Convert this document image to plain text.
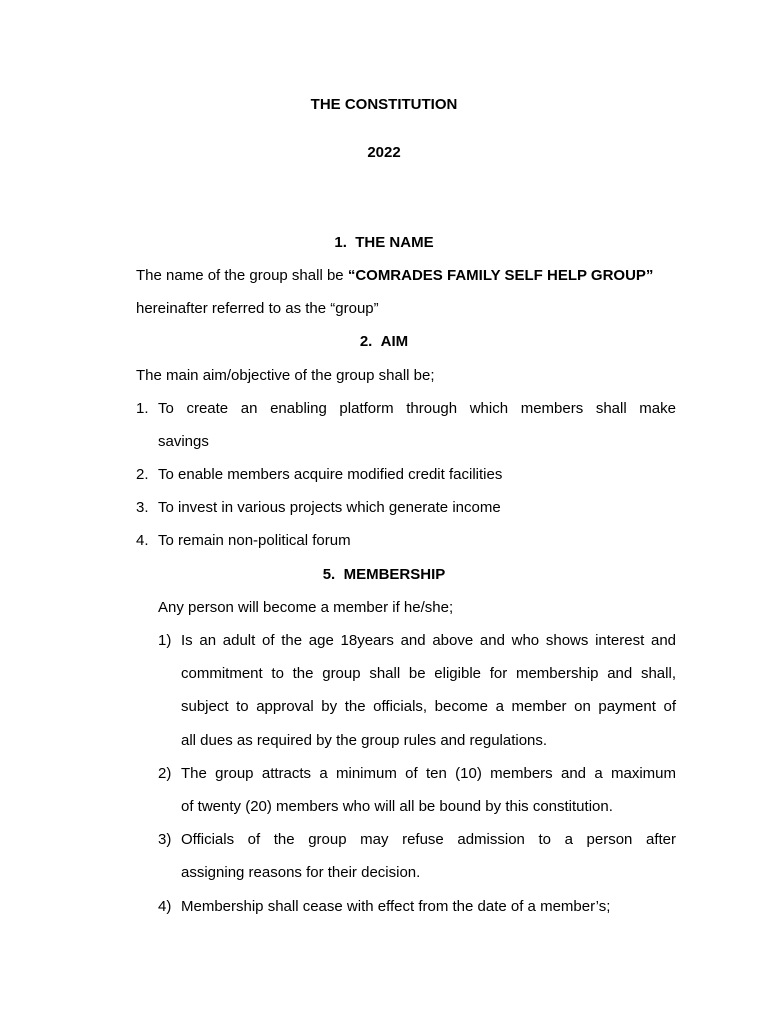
THE CONSTITUTION
2022
1. THE NAME
The name of the group shall be “COMRADES FAMILY SELF HELP GROUP”
hereinafter referred to as the “group”
2. AIM
The main aim/objective of the group shall be;
1. To create an enabling platform through which members shall make
savings
2. To enable members acquire modified credit facilities
3. To invest in various projects which generate income
4. To remain non-political forum
5. MEMBERSHIP
Any person will become a member if he/she;
1) Is an adult of the age 18years and above and who shows interest and
commitment to the group shall be eligible for membership and shall,
subject to approval by the officials, become a member on payment of
all dues as required by the group rules and regulations.
2) The group attracts a minimum of ten (10) members and a maximum
of twenty (20) members who will all be bound by this constitution.
3) Officials of the group may refuse admission to a person after
assigning reasons for their decision.
4) Membership shall cease with effect from the date of a member’s;
